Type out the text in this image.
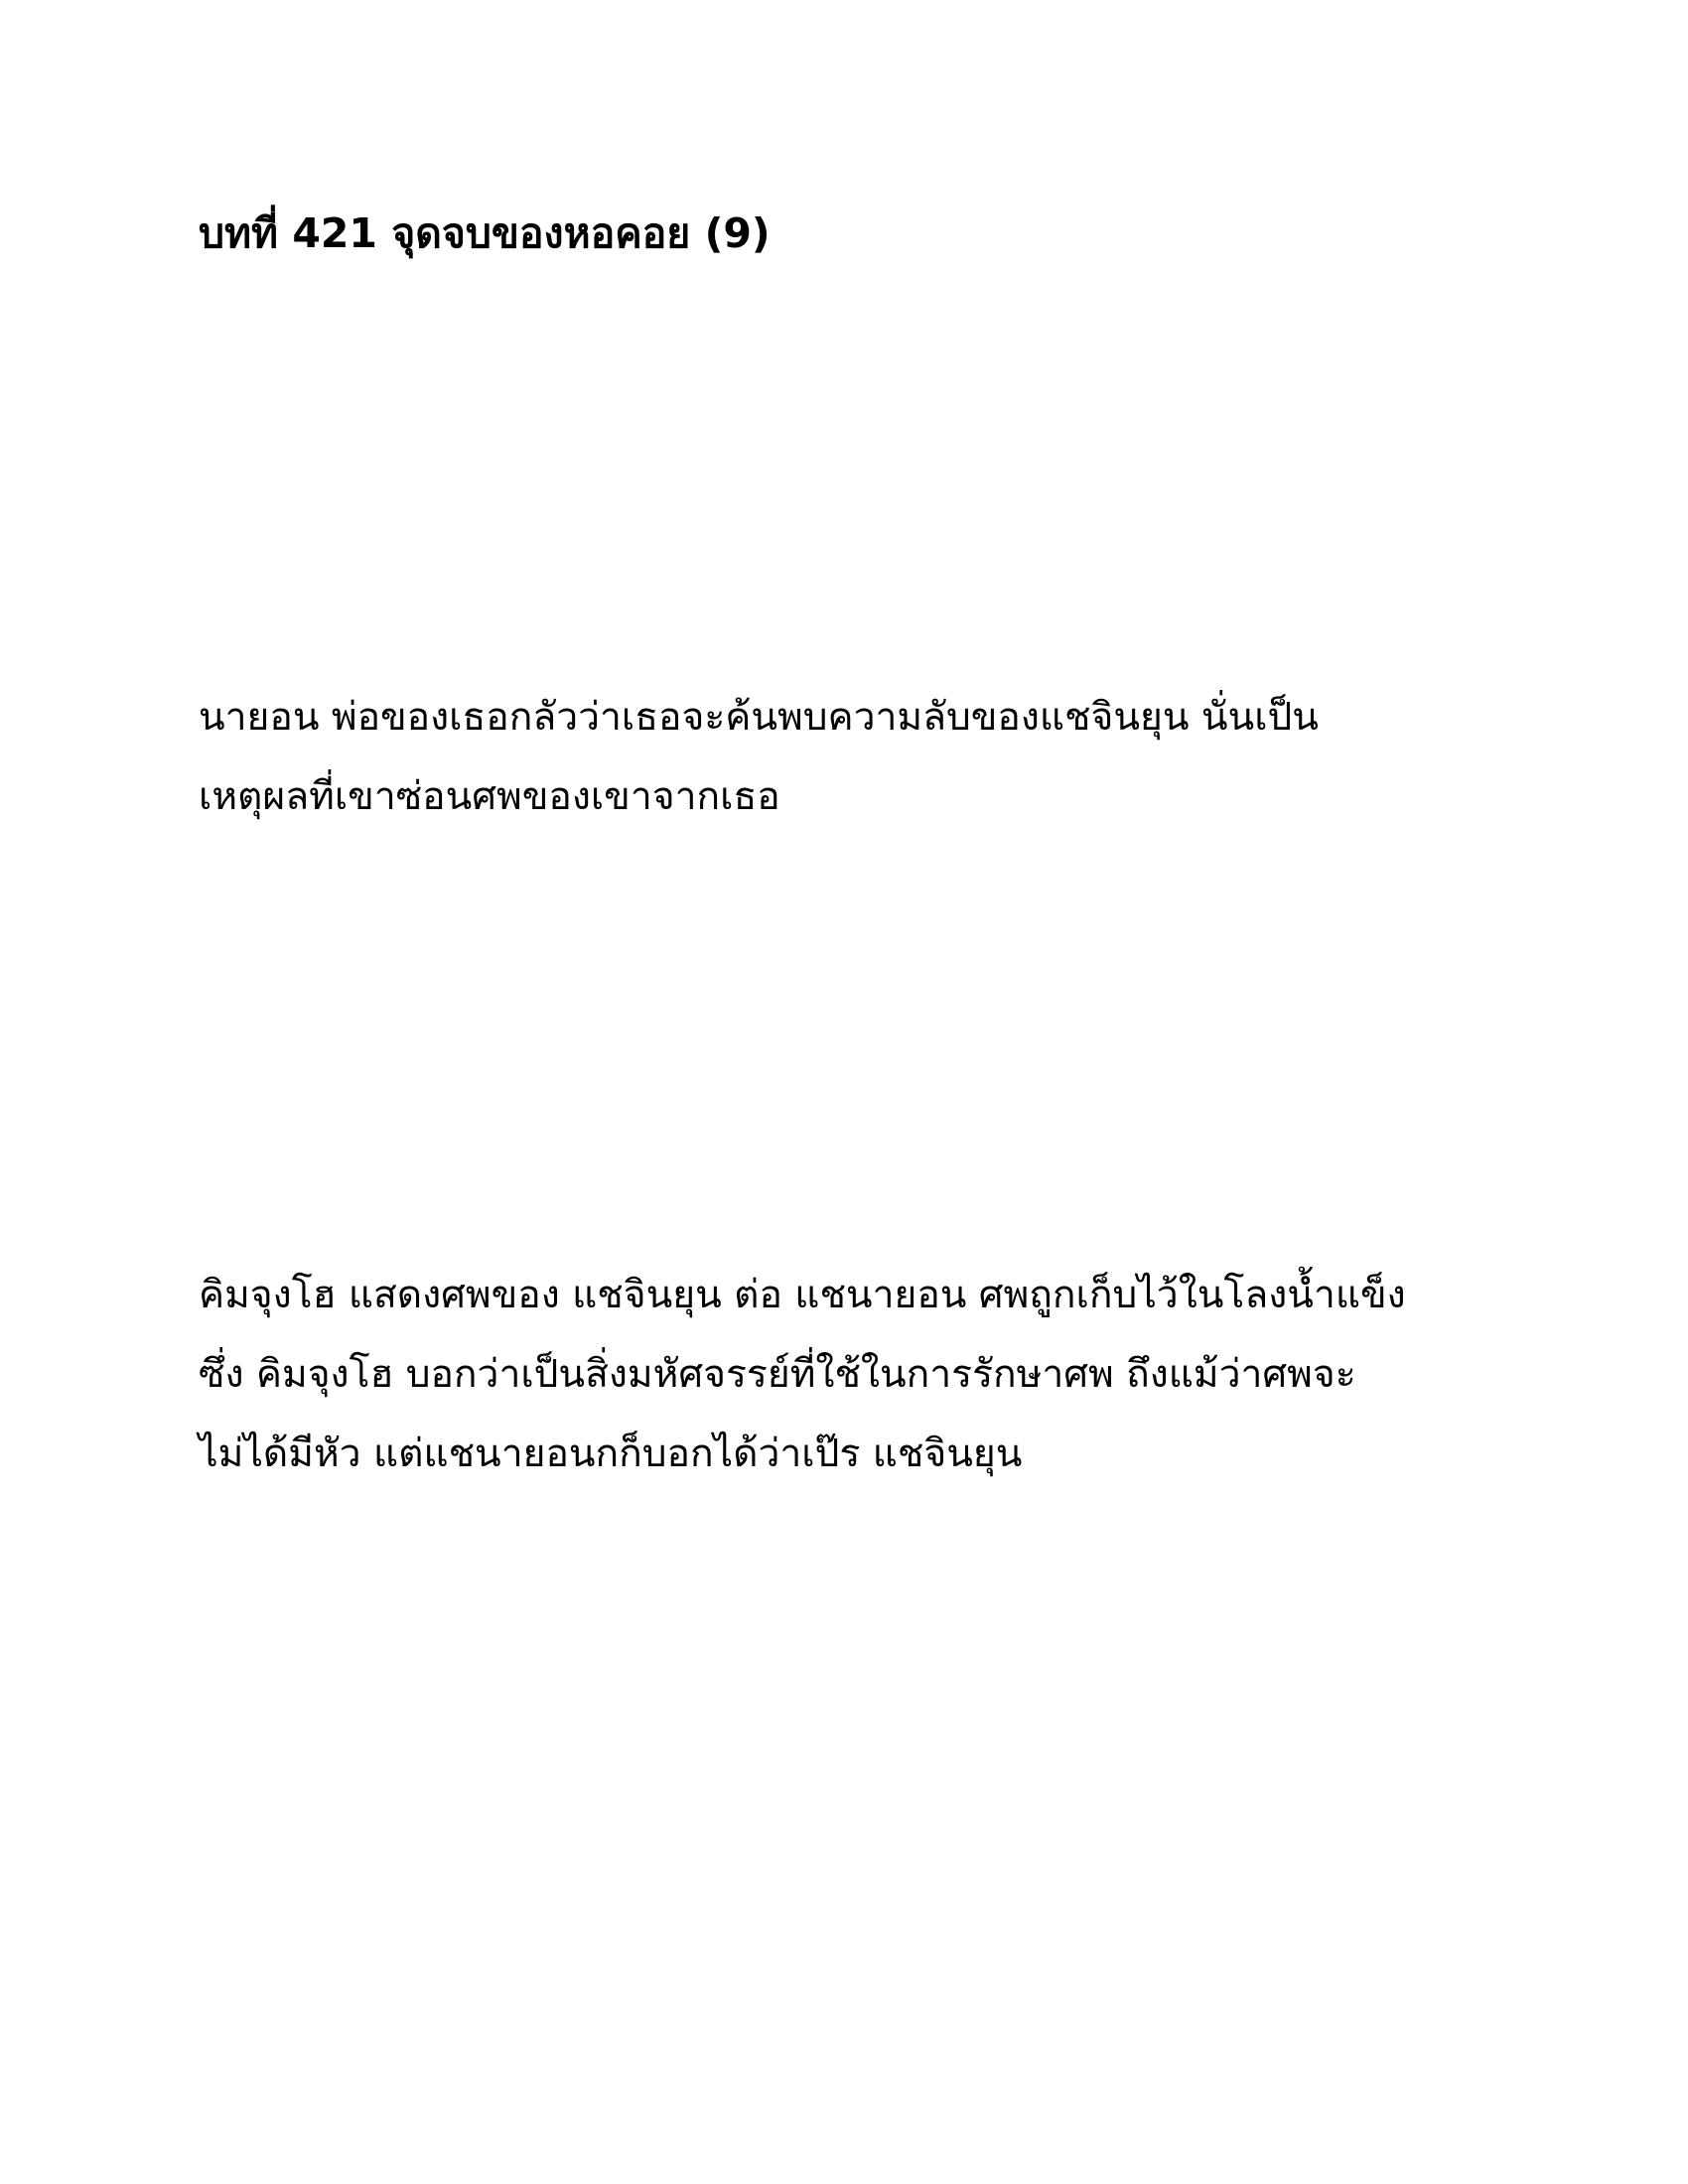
บทที่ 421 จุดจบของหอคอย (9)

นายอน พ่อของเธอกลัวว่าเธอจะค้นพบความลับของแชจินยุน นั่นเป็น
เหตุผลที่เขาซ่อนศพของเขาจากเธอ

คิมจุงโฮ แสดงศพของ แชจินยุน ต่อ แชนายอน ศพถูกเก็บไว้ในโลงน้ำแข็ง
ซึ่ง คิมจุงโฮ บอกว่าเป็นสิ่งมหัศจรรย์ที่ใช้ในการรักษาศพ ถึงแม้ว่าศพจะ
ไม่ได้มีหัว แต่แชนายอนกก็บอกได้ว่าเป๊ร แชจินยุน
